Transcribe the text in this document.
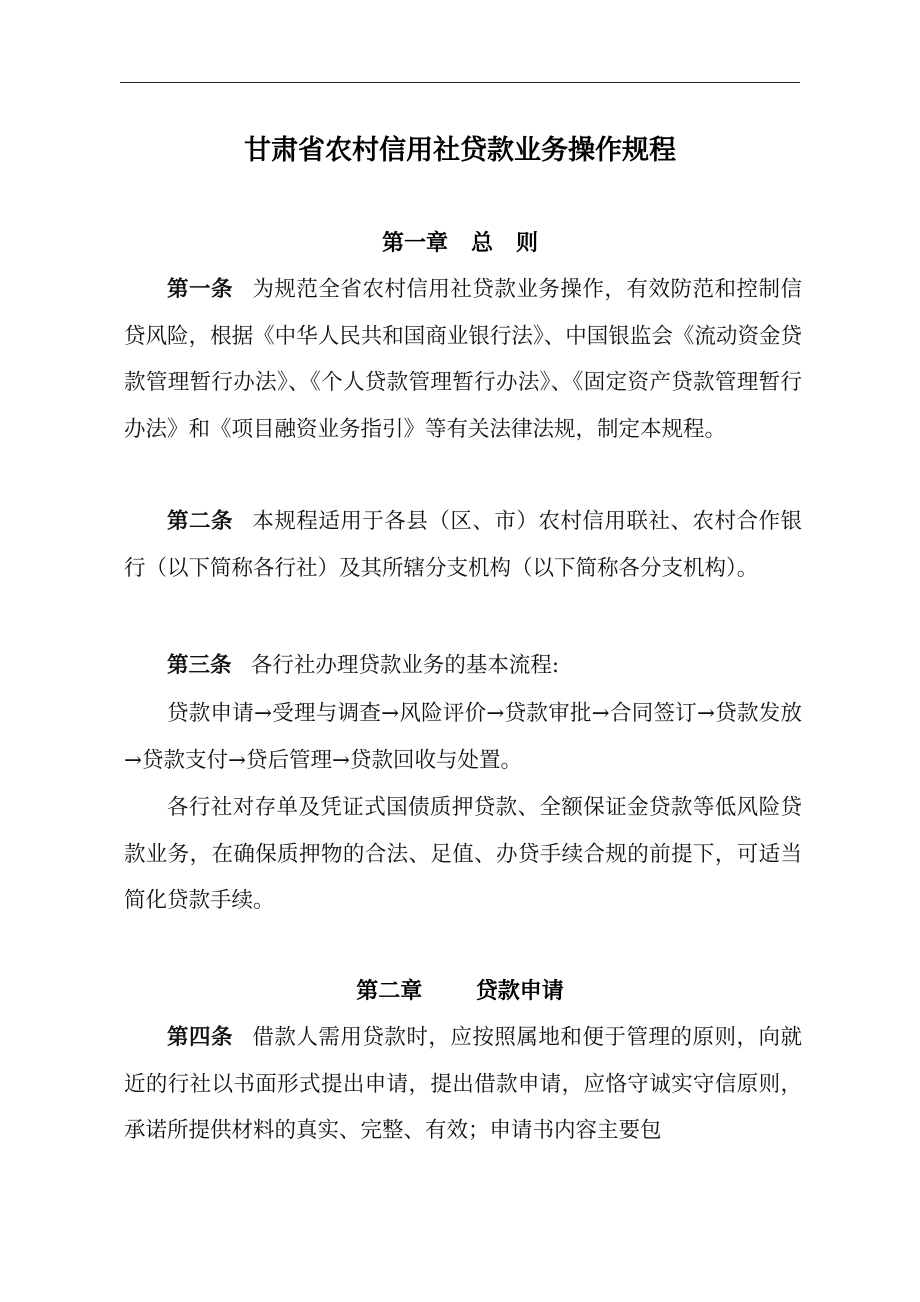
甘肃省农村信用社贷款业务操作规程
第一章   总   则

第一条 为规范全省农村信用社贷款业务操作，有效防范和控制信贷风险，根据《中华人民共和国商业银行法》、中国银监会《流动资金贷款管理暂行办法》、《个人贷款管理暂行办法》、《固定资产贷款管理暂行办法》和《项目融资业务指引》等有关法律法规，制定本规程。

第二条 本规程适用于各县（区、市）农村信用联社、农村合作银行（以下简称各行社）及其所辖分支机构（以下简称各分支机构）。

第三条 各行社办理贷款业务的基本流程:

贷款申请→受理与调查→风险评价→贷款审批→合同签订→贷款发放→贷款支付→贷后管理→贷款回收与处置。

各行社对存单及凭证式国债质押贷款、全额保证金贷款等低风险贷款业务，在确保质押物的合法、足值、办贷手续合规的前提下，可适当简化贷款手续。

第二章       贷款申请

第四条 借款人需用贷款时，应按照属地和便于管理的原则，向就近的行社以书面形式提出申请，提出借款申请，应恪守诚实守信原则，承诺所提供材料的真实、完整、有效；申请书内容主要包
